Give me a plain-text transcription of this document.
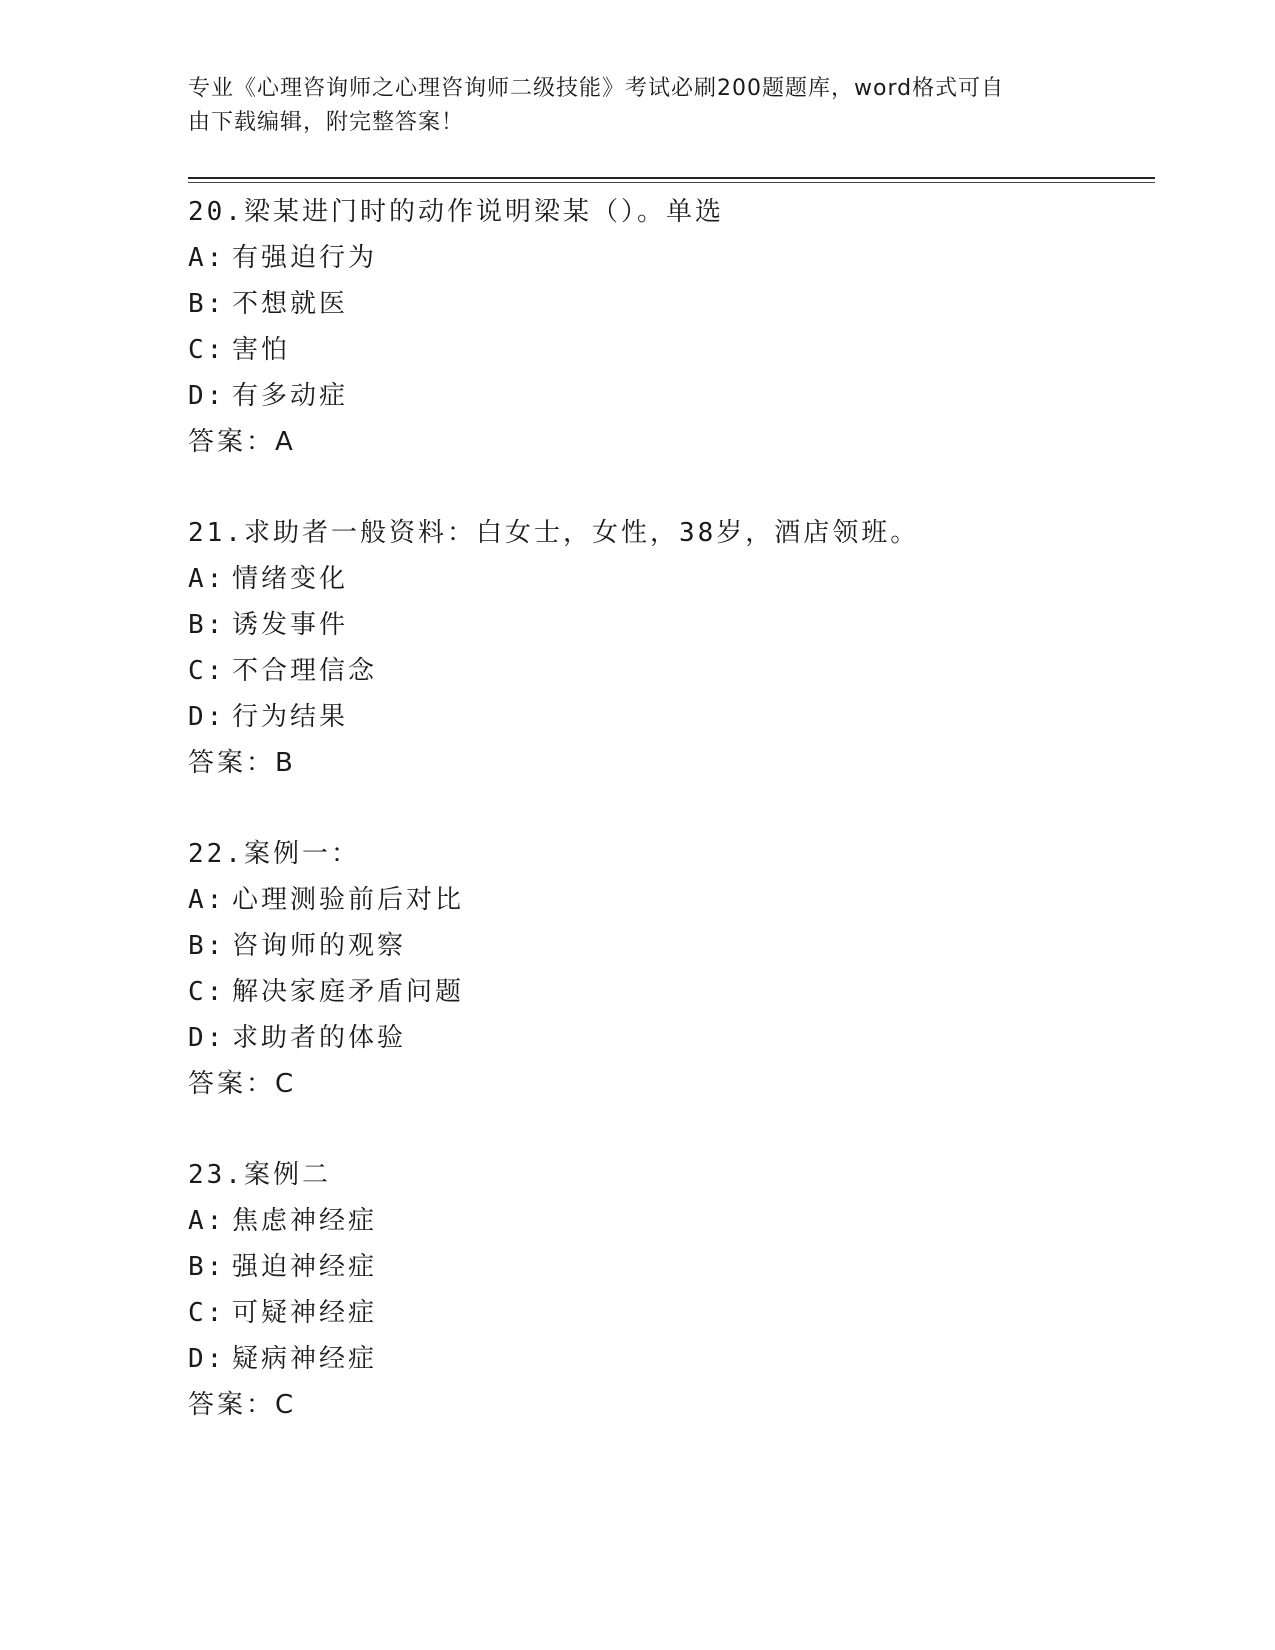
专业《心理咨询师之心理咨询师二级技能》考试必刷200题题库，word格式可自
由下载编辑，附完整答案！
20.梁某进门时的动作说明梁某（）。单选
A: 有强迫行为
B: 不想就医
C: 害怕
D: 有多动症
答案：A
21.求助者一般资料：白女士，女性，38岁，酒店领班。
A: 情绪变化
B: 诱发事件
C: 不合理信念
D: 行为结果
答案：B
22.案例一：
A: 心理测验前后对比
B: 咨询师的观察
C: 解决家庭矛盾问题
D: 求助者的体验
答案：C
23.案例二
A: 焦虑神经症
B: 强迫神经症
C: 可疑神经症
D: 疑病神经症
答案：C
